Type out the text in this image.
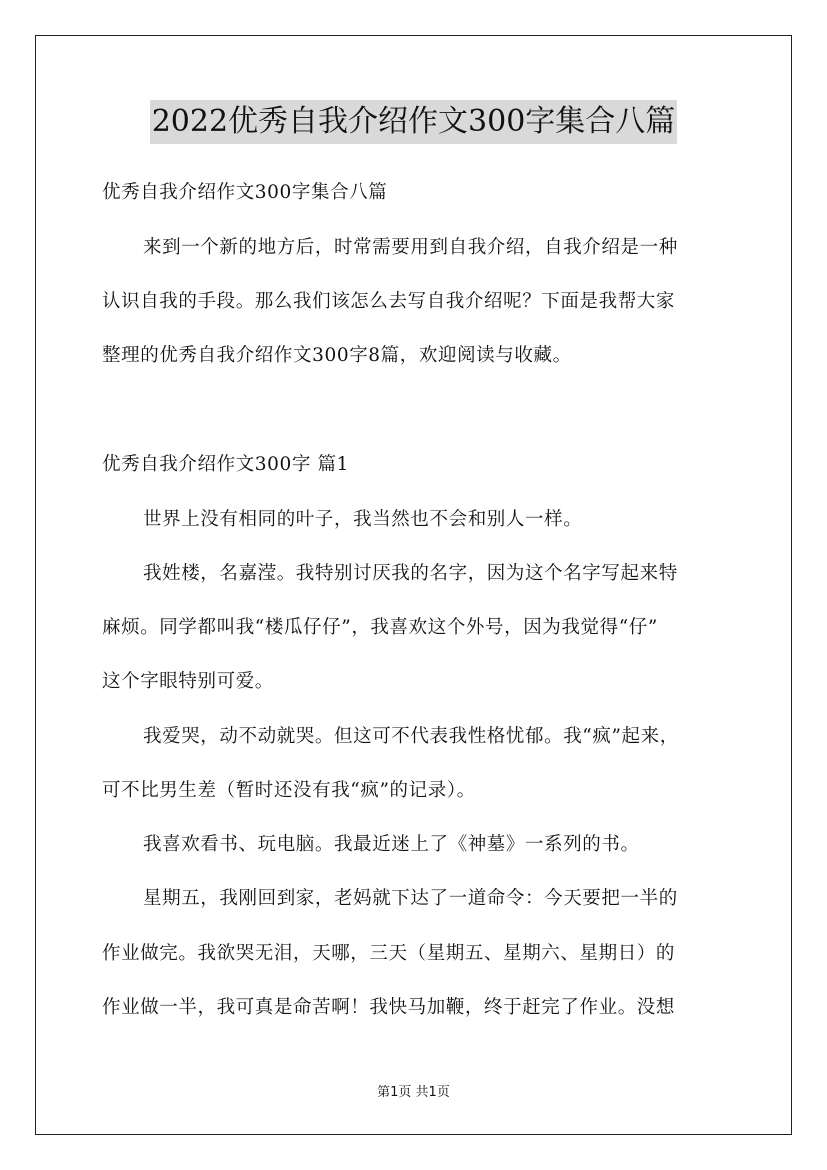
2022优秀自我介绍作文300字集合八篇
优秀自我介绍作文300字集合八篇
来到一个新的地方后，时常需要用到自我介绍，自我介绍是一种
认识自我的手段。那么我们该怎么去写自我介绍呢？下面是我帮大家
整理的优秀自我介绍作文300字8篇，欢迎阅读与收藏。
优秀自我介绍作文300字 篇1
世界上没有相同的叶子，我当然也不会和别人一样。
我姓楼，名嘉滢。我特别讨厌我的名字，因为这个名字写起来特
麻烦。同学都叫我“楼瓜仔仔”，我喜欢这个外号，因为我觉得“仔”
这个字眼特别可爱。
我爱哭，动不动就哭。但这可不代表我性格忧郁。我“疯”起来，
可不比男生差（暂时还没有我“疯”的记录）。
我喜欢看书、玩电脑。我最近迷上了《神墓》一系列的书。
星期五，我刚回到家，老妈就下达了一道命令：今天要把一半的
作业做完。我欲哭无泪，天哪，三天（星期五、星期六、星期日）的
作业做一半，我可真是命苦啊！我快马加鞭，终于赶完了作业。没想
第1页 共1页
